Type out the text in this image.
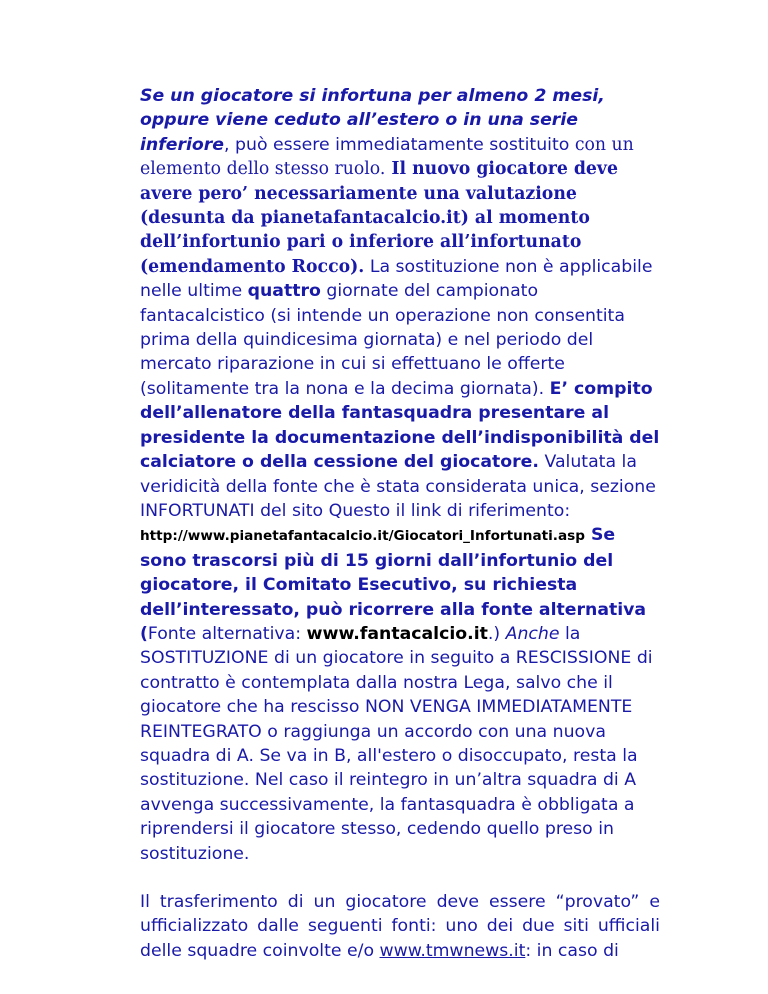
Se un giocatore si infortuna per almeno 2 mesi, oppure viene ceduto all’estero o in una serie inferiore, può essere immediatamente sostituito con un elemento dello stesso ruolo. Il nuovo giocatore deve avere pero’ necessariamente una valutazione (desunta da pianetafantacalcio.it) al momento dell’infortunio pari o inferiore all’infortunato (emendamento Rocco). La sostituzione non è applicabile nelle ultime quattro giornate del campionato fantacalcistico (si intende un operazione non consentita prima della quindicesima giornata) e nel periodo del mercato riparazione in cui si effettuano le offerte (solitamente tra la nona e la decima giornata). E’ compito dell’allenatore della fantasquadra presentare al presidente la documentazione dell’indisponibilità del calciatore o della cessione del giocatore. Valutata la veridicità della fonte che è stata considerata unica, sezione INFORTUNATI del sito Questo il link di riferimento: http://www.pianetafantacalcio.it/Giocatori_Infortunati.asp Se sono trascorsi più di 15 giorni dall’infortunio del giocatore, il Comitato Esecutivo, su richiesta dell’interessato, può ricorrere alla fonte alternativa (Fonte alternativa: www.fantacalcio.it.) Anche la SOSTITUZIONE di un giocatore in seguito a RESCISSIONE di contratto è contemplata dalla nostra Lega, salvo che il giocatore che ha rescisso NON VENGA IMMEDIATAMENTE REINTEGRATO o raggiunga un accordo con una nuova squadra di A. Se va in B, all'estero o disoccupato, resta la sostituzione. Nel caso il reintegro in un’altra squadra di A avvenga successivamente, la fantasquadra è obbligata a riprendersi il giocatore stesso, cedendo quello preso in sostituzione.

Il trasferimento di un giocatore deve essere “provato” e ufficializzato dalle seguenti fonti: uno dei due siti ufficiali delle squadre coinvolte e/o www.tmwnews.it: in caso di
